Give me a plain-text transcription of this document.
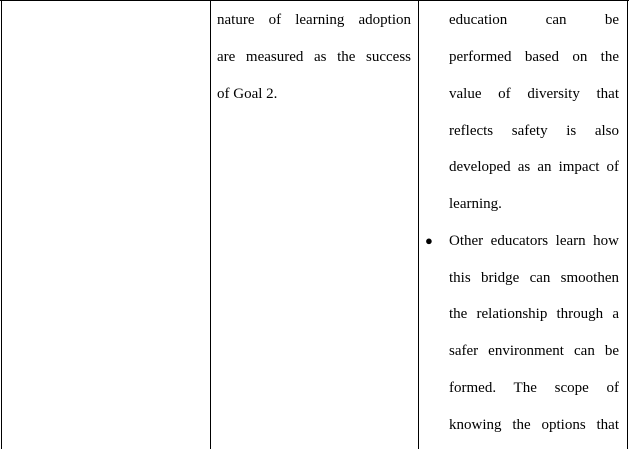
nature of learning adoption
are measured as the success
of Goal 2.
education can be
performed based on the
value of diversity that
reflects safety is also
developed as an impact of
learning.
● Other educators learn how
this bridge can smoothen
the relationship through a
safer environment can be
formed. The scope of
knowing the options that
